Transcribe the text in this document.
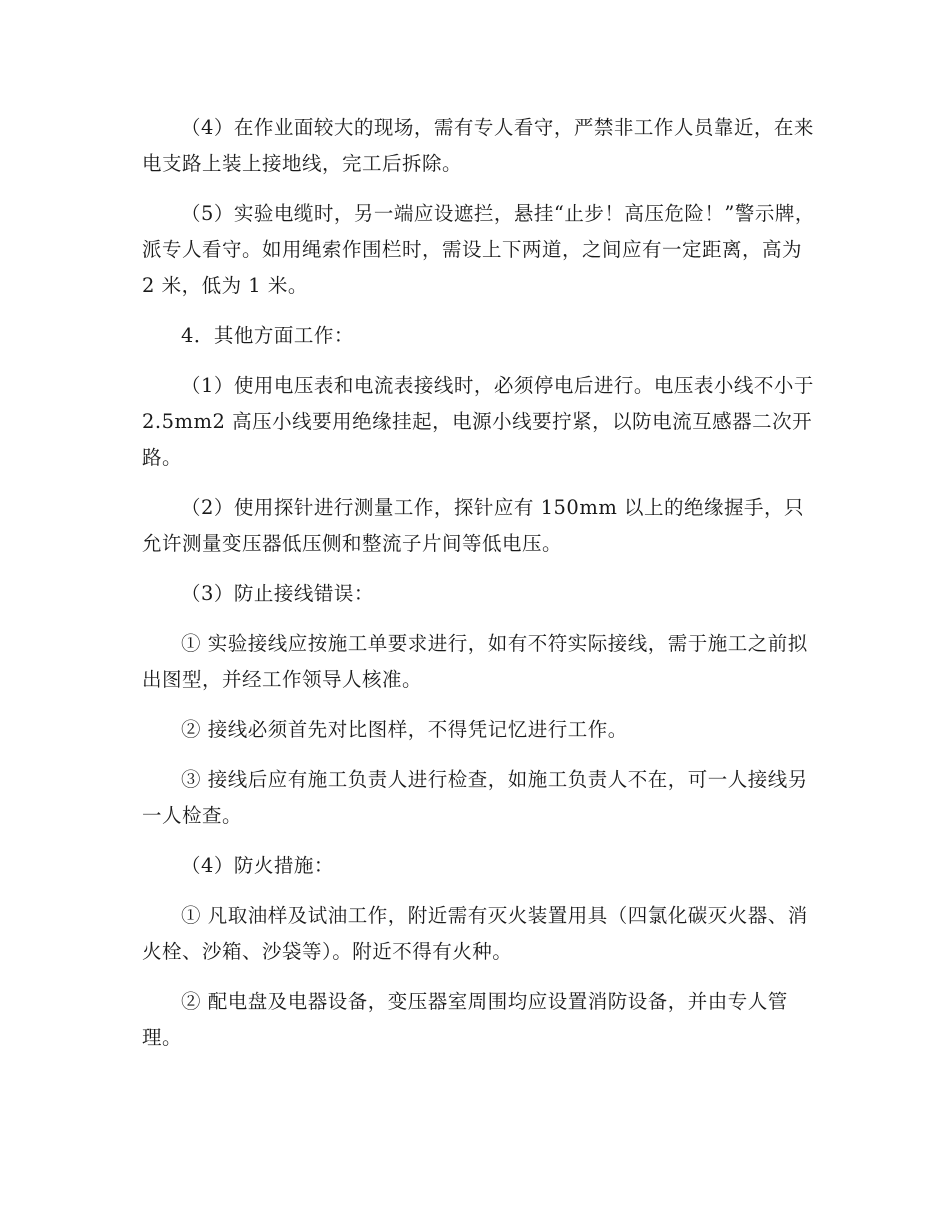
（4）在作业面较大的现场，需有专人看守，严禁非工作人员靠近，在来电支路上装上接地线，完工后拆除。

（5）实验电缆时，另一端应设遮拦，悬挂“止步！高压危险！”警示牌，派专人看守。如用绳索作围栏时，需设上下两道，之间应有一定距离，高为 2 米，低为 1 米。

4．其他方面工作：

（1）使用电压表和电流表接线时，必须停电后进行。电压表小线不小于 2.5mm2 高压小线要用绝缘挂起，电源小线要拧紧，以防电流互感器二次开路。

（2）使用探针进行测量工作，探针应有 150mm 以上的绝缘握手，只允许测量变压器低压侧和整流子片间等低电压。

（3）防止接线错误：

① 实验接线应按施工单要求进行，如有不符实际接线，需于施工之前拟出图型，并经工作领导人核准。

② 接线必须首先对比图样，不得凭记忆进行工作。

③ 接线后应有施工负责人进行检查，如施工负责人不在，可一人接线另一人检查。

（4）防火措施：

① 凡取油样及试油工作，附近需有灭火装置用具（四氯化碳灭火器、消火栓、沙箱、沙袋等）。附近不得有火种。

② 配电盘及电器设备，变压器室周围均应设置消防设备，并由专人管理。
